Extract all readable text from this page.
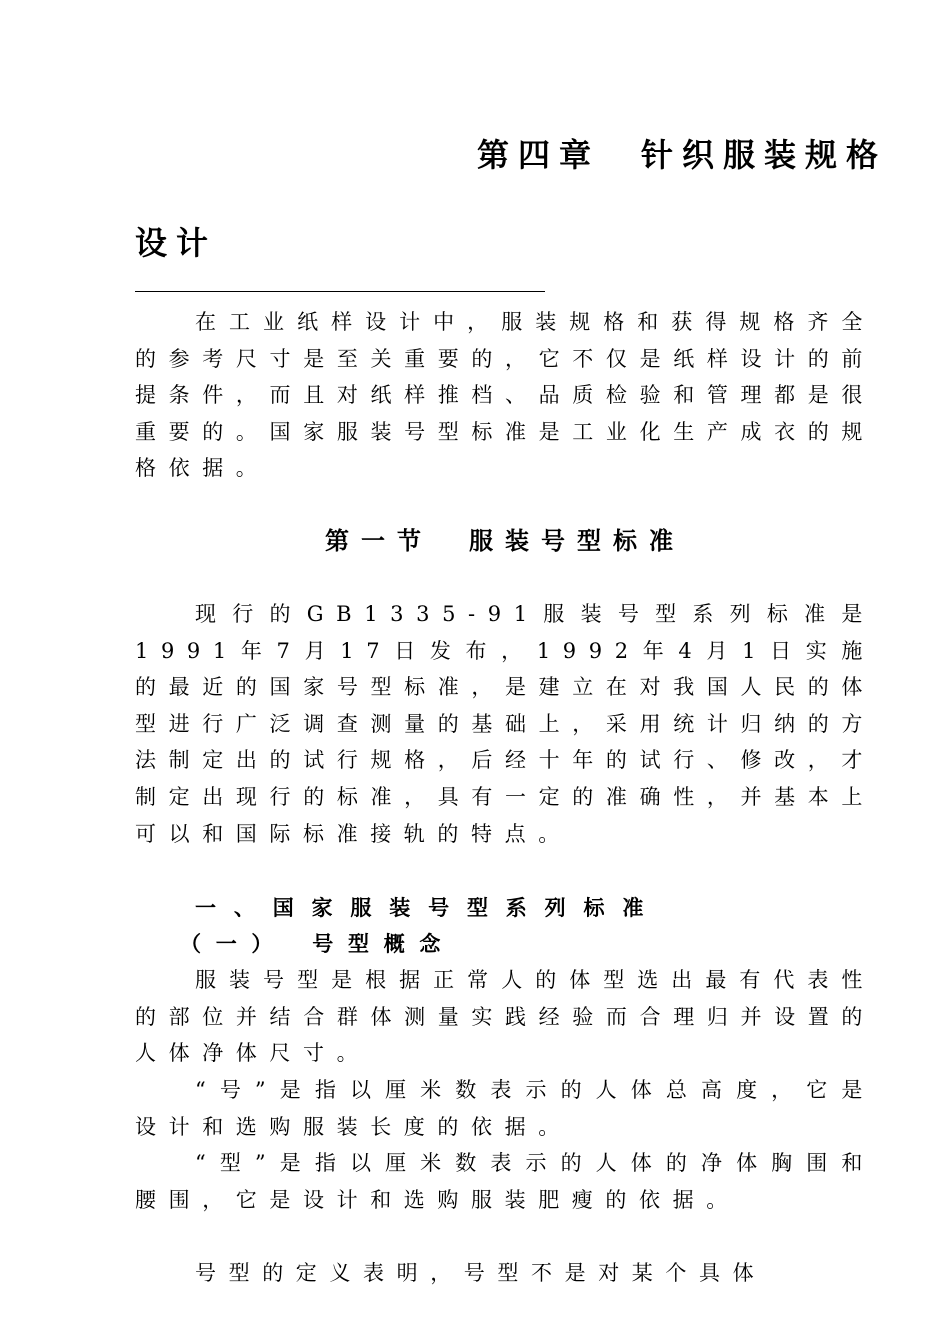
第四章　针织服装规格
设计

在工业纸样设计中，服装规格和获得规格齐全的参考尺寸是至关重要的，它不仅是纸样设计的前提条件，而且对纸样推档、品质检验和管理都是很重要的。国家服装号型标准是工业化生产成衣的规格依据。

第一节　服装号型标准

现行的GB1335-91服装号型系列标准是1991年7月17日发布，1992年4月1日实施的最近的国家号型标准，是建立在对我国人民的体型进行广泛调查测量的基础上，采用统计归纳的方法制定出的试行规格，后经十年的试行、修改，才制定出现行的标准，具有一定的准确性，并基本上可以和国际标准接轨的特点。

一、国家服装号型系列标准
（一）　号型概念

服装号型是根据正常人的体型选出最有代表性的部位并结合群体测量实践经验而合理归并设置的人体净体尺寸。

“号”是指以厘米数表示的人体总高度，它是设计和选购服装长度的依据。

“型”是指以厘米数表示的人体的净体胸围和腰围，它是设计和选购服装肥瘦的依据。

号型的定义表明，号型不是对某个具体
